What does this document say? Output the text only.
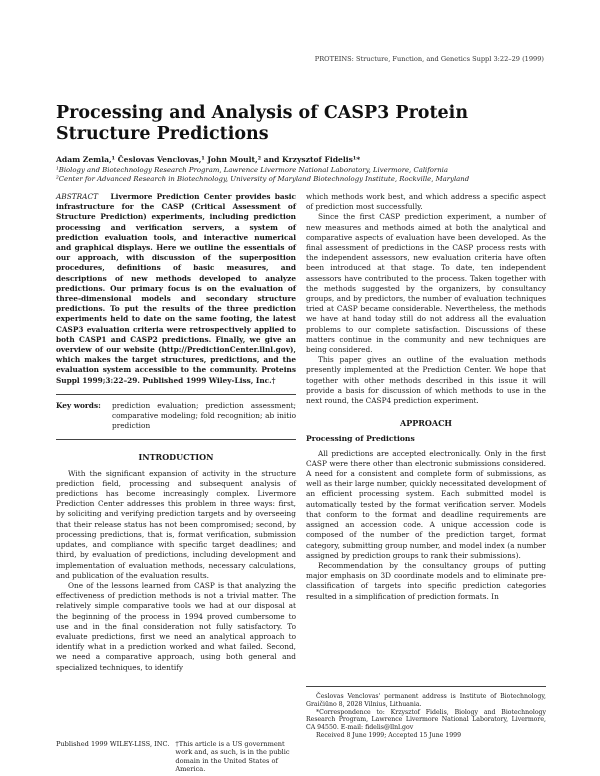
PROTEINS: Structure, Function, and Genetics Suppl 3:22–29 (1999)
Processing and Analysis of CASP3 Protein Structure Predictions
Adam Zemla,¹ Česlovas Venclovas,¹ John Moult,² and Krzysztof Fidelis¹*
¹Biology and Biotechnology Research Program, Lawrence Livermore National Laboratory, Livermore, California
²Center for Advanced Research in Biotechnology, University of Maryland Biotechnology Institute, Rockville, Maryland
ABSTRACT Livermore Prediction Center provides basic infrastructure for the CASP (Critical Assessment of Structure Prediction) experiments, including prediction processing and verification servers, a system of prediction evaluation tools, and interactive numerical and graphical displays. Here we outline the essentials of our approach, with discussion of the superposition procedures, definitions of basic measures, and descriptions of new methods developed to analyze predictions. Our primary focus is on the evaluation of three-dimensional models and secondary structure predictions. To put the results of the three prediction experiments held to date on the same footing, the latest CASP3 evaluation criteria were retrospectively applied to both CASP1 and CASP2 predictions. Finally, we give an overview of our website (http://PredictionCenter.llnl.gov), which makes the target structures, predictions, and the evaluation system accessible to the community. Proteins Suppl 1999;3:22–29. Published 1999 Wiley-Liss, Inc.†
Key words:	prediction evaluation; prediction assessment; comparative modeling; fold recognition; ab initio prediction
INTRODUCTION

With the significant expansion of activity in the structure prediction field, processing and subsequent analysis of predictions has become increasingly complex. Livermore Prediction Center addresses this problem in three ways: first, by soliciting and verifying prediction targets and by overseeing that their release status has not been compromised; second, by processing predictions, that is, format verification, submission updates, and compliance with specific target deadlines; and third, by evaluation of predictions, including development and implementation of evaluation methods, necessary calculations, and publication of the evaluation results.

One of the lessons learned from CASP is that analyzing the effectiveness of prediction methods is not a trivial matter. The relatively simple comparative tools we had at our disposal at the beginning of the process in 1994 proved cumbersome to use and in the final consideration not fully satisfactory. To evaluate predictions, first we need an analytical approach to identify what in a prediction worked and what failed. Second, we need a comparative approach, using both general and specialized techniques, to identify

which methods work best, and which address a specific aspect of prediction most successfully.

Since the first CASP prediction experiment, a number of new measures and methods aimed at both the analytical and comparative aspects of evaluation have been developed. As the final assessment of predictions in the CASP process rests with the independent assessors, new evaluation criteria have often been introduced at that stage. To date, ten independent assessors have contributed to the process. Taken together with the methods suggested by the organizers, by consultancy groups, and by predictors, the number of evaluation techniques tried at CASP became considerable. Nevertheless, the methods we have at hand today still do not address all the evaluation problems to our complete satisfaction. Discussions of these matters continue in the community and new techniques are being considered.

This paper gives an outline of the evaluation methods presently implemented at the Prediction Center. We hope that together with other methods described in this issue it will provide a basis for discussion of which methods to use in the next round, the CASP4 prediction experiment.

APPROACH
Processing of Predictions

All predictions are accepted electronically. Only in the first CASP were there other than electronic submissions considered. A need for a consistent and complete form of submissions, as well as their large number, quickly necessitated development of an efficient processing system. Each submitted model is automatically tested by the format verification server. Models that conform to the format and deadline requirements are assigned an accession code. A unique accession code is composed of the number of the prediction target, format category, submitting group number, and model index (a number assigned by prediction groups to rank their submissions).

Recommendation by the consultancy groups of putting major emphasis on 3D coordinate models and to eliminate pre-classification of targets into specific prediction categories resulted in a simplification of prediction formats. In

Česlovas Venclovas' permanent address is Institute of Biotechnology, Graičiūno 8, 2028 Vilnius, Lithuania.

*Correspondence to: Krzysztof Fidelis, Biology and Biotechnology Research Program, Lawrence Livermore National Laboratory, Livermore, CA 94550. E-mail: fidelis@llnl.gov

Received 8 June 1999; Accepted 15 June 1999

Published 1999 WILEY-LISS, INC. †This article is a US government work and, as such, is in the public domain in the United States of America.
